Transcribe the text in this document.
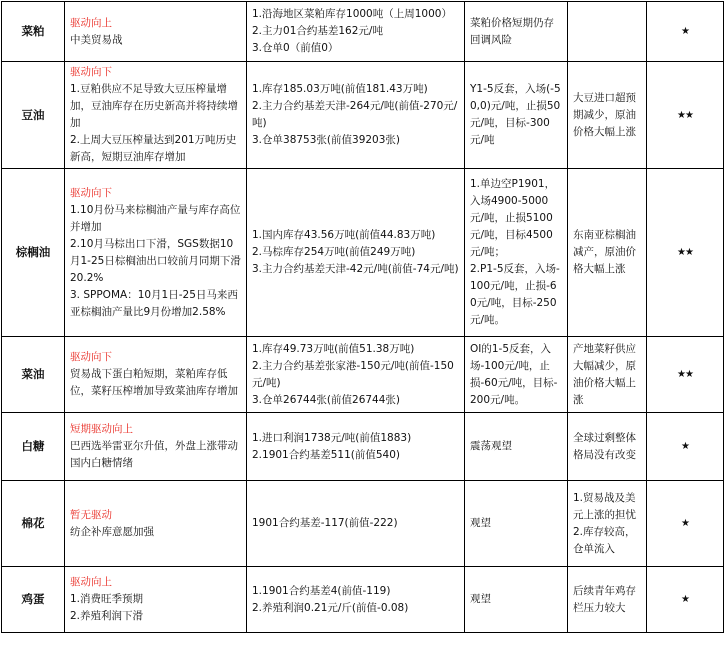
菜粕	驱动向上
中美贸易战	1.沿海地区菜粕库存1000吨（上周1000）
2.主力01合约基差162元/吨
3.仓单0（前值0）	菜粕价格短期仍存回调风险		★
豆油	驱动向下
1.豆粕供应不足导致大豆压榨量增加，豆油库存在历史新高并将持续增加
2.上周大豆压榨量达到201万吨历史新高，短期豆油库存增加	1.库存185.03万吨(前值181.43万吨)
2.主力合约基差天津-264元/吨(前值-270元/吨)
3.仓单38753张(前值39203张)	Y1-5反套，入场(-50,0)元/吨，止损50元/吨，目标-300元/吨	大豆进口超预期减少，原油价格大幅上涨	★★
棕榈油	驱动向下
1.10月份马来棕榈油产量与库存高位并增加
2.10月马棕出口下滑，SGS数据10月1-25日棕榈油出口较前月同期下滑20.2%
3. SPPOMA：10月1日-25日马来西亚棕榈油产量比9月份增加2.58%	1.国内库存43.56万吨(前值44.83万吨)
2.马棕库存254万吨(前值249万吨)
3.主力合约基差天津-42元/吨(前值-74元/吨)	1.单边空P1901，入场4900-5000元/吨，止损5100元/吨，目标4500元/吨；
2.P1-5反套，入场-100元/吨，止损-60元/吨，目标-250元/吨。	东南亚棕榈油减产，原油价格大幅上涨	★★
菜油	驱动向下
贸易战下蛋白粕短期，菜粕库存低位，菜籽压榨增加导致菜油库存增加	1.库存49.73万吨(前值51.38万吨)
2.主力合约基差张家港-150元/吨(前值-150元/吨)
3.仓单26744张(前值26744张)	OI的1-5反套，入场-100元/吨，止损-60元/吨，目标-200元/吨。	产地菜籽供应大幅减少，原油价格大幅上涨	★★
白糖	短期驱动向上
巴西选举雷亚尔升值，外盘上涨带动国内白糖情绪	1.进口利润1738元/吨(前值1883)
2.1901合约基差511(前值540)	震荡观望	全球过剩整体格局没有改变	★
棉花	暂无驱动
纺企补库意愿加强	1901合约基差-117(前值-222)	观望	1.贸易战及美元上涨的担忧
2.库存较高，仓单流入	★
鸡蛋	驱动向上
1.消费旺季预期
2.养殖利润下滑	1.1901合约基差4(前值-119)
2.养殖利润0.21元/斤(前值-0.08)	观望	后续青年鸡存栏压力较大	★
